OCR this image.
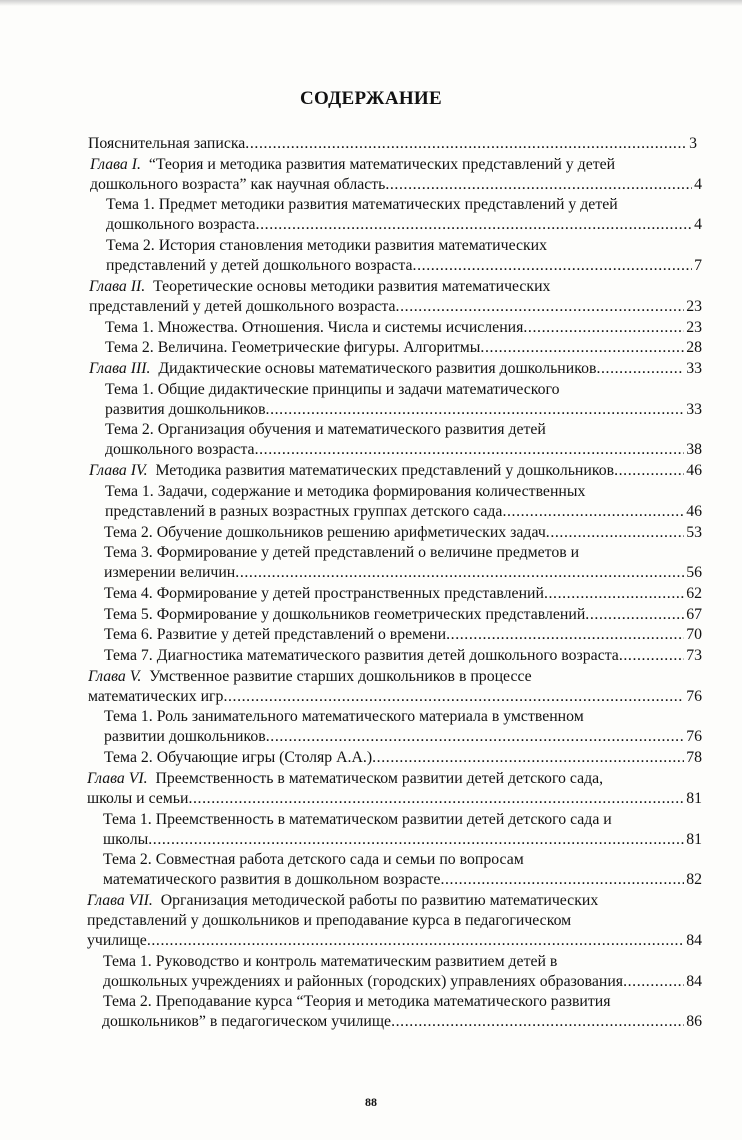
СОДЕРЖАНИЕ
Пояснительная записка .....	3
Глава I.
“Теория и методика развития математических представлений у детей
дошкольного возраста” как научная область .....	4
Тема 1. Предмет методики развития математических представлений у детей
дошкольного возраста .....	4
Тема 2. История становления методики развития математических
представлений у детей дошкольного возраста .....	7
Глава II.
Теоретические основы методики развития математических
представлений у детей дошкольного возраста .....	23
Тема 1. Множества. Отношения. Числа и системы исчисления .....	23
Тема 2. Величина. Геометрические фигуры. Алгоритмы .....	28
Глава III.
Дидактические основы математического развития дошкольников .....	33
Тема 1. Общие дидактические принципы и задачи математического
развития дошкольников .....	33
Тема 2. Организация обучения и математического развития детей
дошкольного возраста .....	38
Глава IV.
Методика развития математических представлений у дошкольников .....	46
Тема 1. Задачи, содержание и методика формирования количественных
представлений в разных возрастных группах детского сада .....	46
Тема 2. Обучение дошкольников решению арифметических задач .....	53
Тема 3. Формирование у детей представлений о величине предметов и
измерении величин .....	56
Тема 4. Формирование у детей пространственных представлений .....	62
Тема 5. Формирование у дошкольников геометрических представлений .....	67
Тема 6. Развитие у детей представлений о времени .....	70
Тема 7. Диагностика математического развития детей дошкольного возраста .....	73
Глава V.
Умственное развитие старших дошкольников в процессе
математических игр .....	76
Тема 1. Роль занимательного математического материала в умственном
развитии дошкольников .....	76
Тема 2. Обучающие игры (Столяр А.А.) .....	78
Глава VI.
Преемственность в математическом развитии детей детского сада,
школы и семьи .....	81
Тема 1. Преемственность в математическом развитии детей детского сада и
школы .....	81
Тема 2. Совместная работа детского сада и семьи по вопросам
математического развития в дошкольном возрасте .....	82
Глава VII.
Организация методической работы по развитию математических
представлений у дошкольников и преподавание курса в педагогическом
училище .....	84
Тема 1. Руководство и контроль математическим развитием детей в
дошкольных учреждениях и районных (городских) управлениях образования .....	84
Тема 2. Преподавание курса “Теория и методика математического развития
дошкольников” в педагогическом училище .....	86
88
